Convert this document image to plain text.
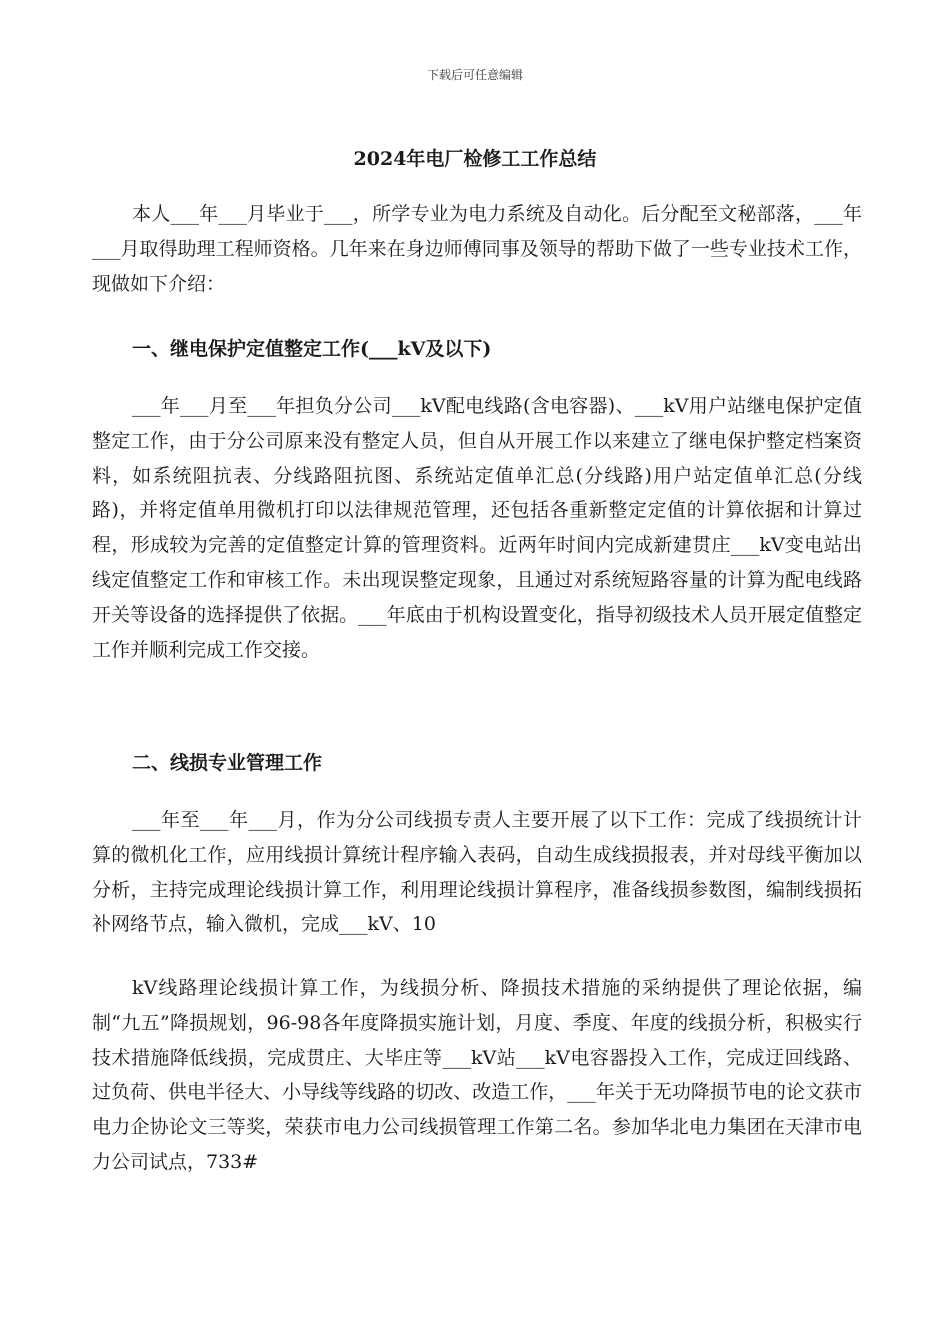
下载后可任意编辑
2024年电厂检修工工作总结

本人___年___月毕业于___，所学专业为电力系统及自动化。后分配至文秘部落，___年___月取得助理工程师资格。几年来在身边师傅同事及领导的帮助下做了一些专业技术工作，现做如下介绍：

一、继电保护定值整定工作(___kV及以下)

___年___月至___年担负分公司___kV配电线路(含电容器)、___kV用户站继电保护定值整定工作，由于分公司原来没有整定人员，但自从开展工作以来建立了继电保护整定档案资料，如系统阻抗表、分线路阻抗图、系统站定值单汇总(分线路)用户站定值单汇总(分线路)，并将定值单用微机打印以法律规范管理，还包括各重新整定定值的计算依据和计算过程，形成较为完善的定值整定计算的管理资料。近两年时间内完成新建贯庄___kV变电站出线定值整定工作和审核工作。未出现误整定现象，且通过对系统短路容量的计算为配电线路开关等设备的选择提供了依据。___年底由于机构设置变化，指导初级技术人员开展定值整定工作并顺利完成工作交接。

二、线损专业管理工作

___年至___年___月，作为分公司线损专责人主要开展了以下工作：完成了线损统计计算的微机化工作，应用线损计算统计程序输入表码，自动生成线损报表，并对母线平衡加以分析，主持完成理论线损计算工作，利用理论线损计算程序，准备线损参数图，编制线损拓补网络节点，输入微机，完成___kV、10

kV线路理论线损计算工作，为线损分析、降损技术措施的采纳提供了理论依据，编制“九五”降损规划，96-98各年度降损实施计划，月度、季度、年度的线损分析，积极实行技术措施降低线损，完成贯庄、大毕庄等___kV站___kV电容器投入工作，完成迂回线路、过负荷、供电半径大、小导线等线路的切改、改造工作，___年关于无功降损节电的论文获市电力企协论文三等奖，荣获市电力公司线损管理工作第二名。参加华北电力集团在天津市电力公司试点，733#
